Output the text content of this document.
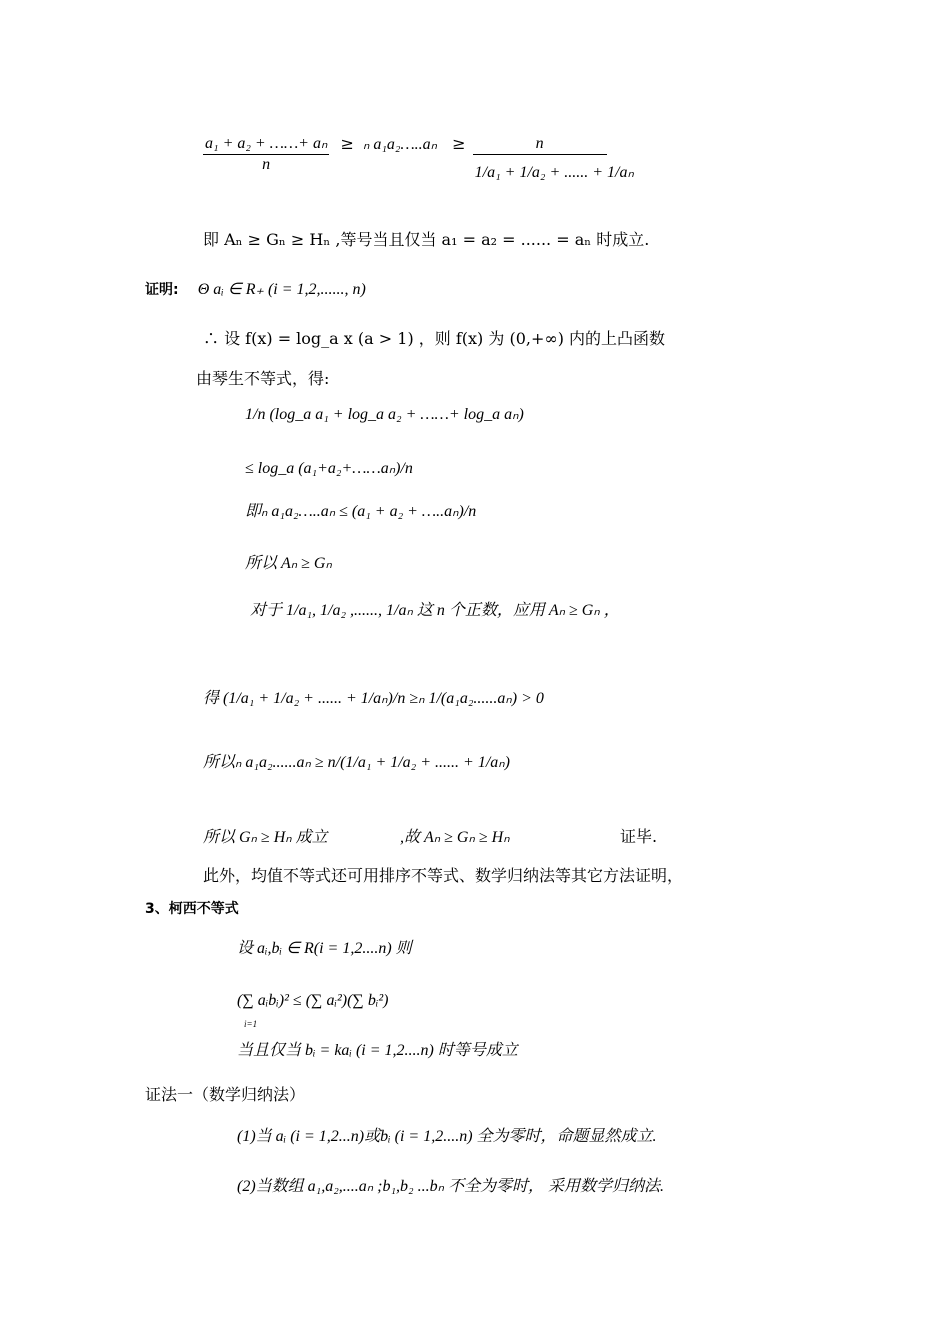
$\frac{\text{a₁ + a₂ + ……+ aₙ}}{n} \ge _n$ a₁a₂…..aₙ ≥ $\frac{n}{\text{1/a₁ + 1/a₂ + ...... + 1/aₙ}}$
即 Aₙ ≥ Gₙ ≥ Hₙ ,等号当且仅当 a₁ = a₂ = ...... = aₙ 时成立.
证明: Θ aᵢ ∈ R₊ (i = 1,2,......, n)
∴ 设 f(x) = log_a x (a > 1) ，则 f(x) 为 (0,+∞) 内的上凸函数
由琴生不等式，得:
1/n (log_a a₁ + log_a a₂ + ……+ log_a aₙ)
≤ log_a (a₁+a₂+……aₙ)/n
即ₙ a₁a₂…..aₙ ≤ (a₁ + a₂ + …..aₙ)/n
所以 Aₙ ≥ Gₙ
对于 1/a₁, 1/a₂ ,......, 1/aₙ 这 n 个正数，应用 Aₙ ≥ Gₙ ，
得 (1/a₁ + 1/a₂ + ...... + 1/aₙ)/n ≥ₙ 1/(a₁a₂......aₙ) > 0
所以ₙ a₁a₂......aₙ ≥ n/(1/a₁ + 1/a₂ + ...... + 1/aₙ)
所以 Gₙ ≥ Hₙ 成立	,故 Aₙ ≥ Gₙ ≥ Hₙ	证毕.
此外，均值不等式还可用排序不等式、数学归纳法等其它方法证明，
3、柯西不等式
设 aᵢ,bᵢ ∈ R(i = 1,2....n) 则
(∑ aᵢbᵢ)² ≤ (∑ aᵢ²)(∑ bᵢ²)
i=1
当且仅当 bᵢ = kaᵢ (i = 1,2....n) 时等号成立
证法一（数学归纳法）
(1)当 aᵢ (i = 1,2...n)或bᵢ (i = 1,2....n) 全为零时，命题显然成立.
(2)当数组 a₁,a₂,....aₙ ;b₁,b₂ ...bₙ 不全为零时， 采用数学归纳法.
